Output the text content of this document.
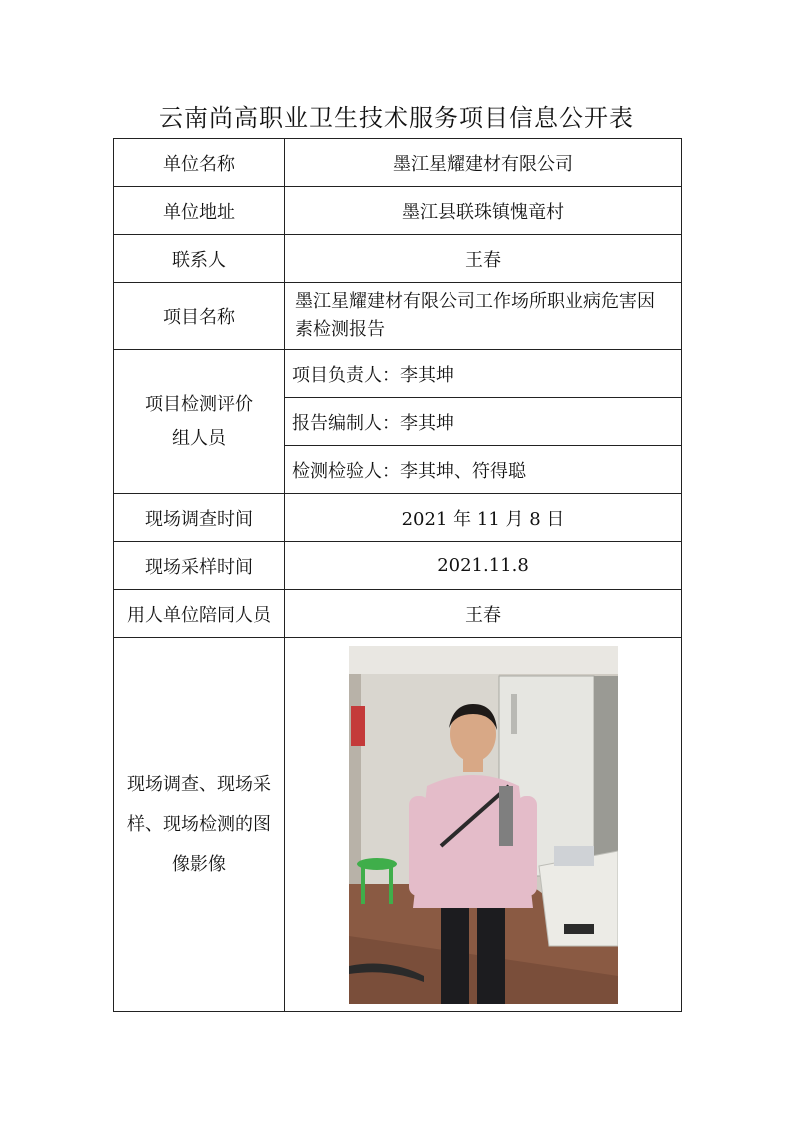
云南尚高职业卫生技术服务项目信息公开表
单位名称	墨江星耀建材有限公司
单位地址	墨江县联珠镇愧竜村
联系人	王春
项目名称	墨江星耀建材有限公司工作场所职业病危害因素检测报告
项目检测评价
组人员	项目负责人：李其坤
	报告编制人：李其坤
	检测检验人：李其坤、符得聪
现场调查时间	2021 年 11 月 8 日
现场采样时间	2021.11.8
用人单位陪同人员	王春
现场调查、现场采
样、现场检测的图
像影像	
